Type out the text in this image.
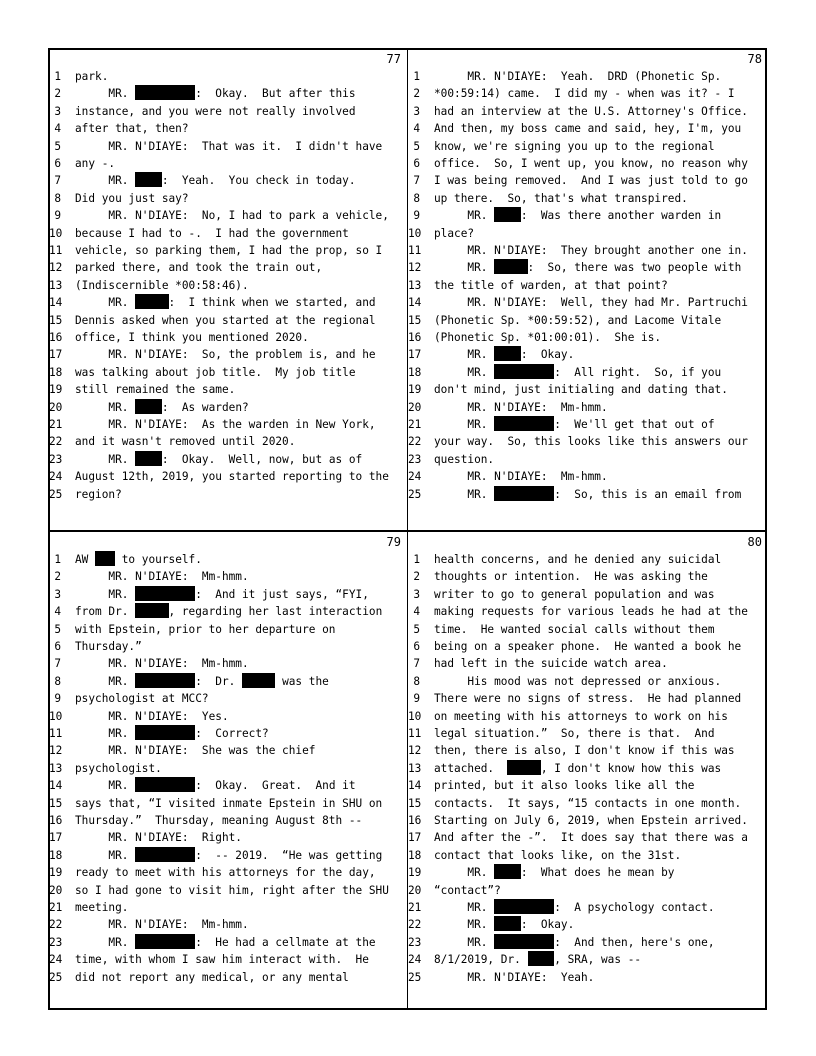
77
1 park.
2     MR.	:  Okay.  But after this
3 instance, and you were not really involved
4 after that, then?
5     MR. N'DIAYE:  That was it.  I didn't have
6 any -.
7     MR. :  Yeah.  You check in today.
8 Did you just say?
9     MR. N'DIAYE:  No, I had to park a vehicle,
10 because I had to -.  I had the government
11 vehicle, so parking them, I had the prop, so I
12 parked there, and took the train out,
13 (Indiscernible *00:58:46).
14     MR.	:  I think when we started, and
15 Dennis asked when you started at the regional
16 office, I think you mentioned 2020.
17     MR. N'DIAYE:  So, the problem is, and he
18 was talking about job title.  My job title
19 still remained the same.
20     MR. :  As warden?
21     MR. N'DIAYE:  As the warden in New York,
22 and it wasn't removed until 2020.
23     MR. :  Okay.  Well, now, but as of
24 August 12th, 2019, you started reporting to the
25 region?
78
1     MR. N'DIAYE:  Yeah.  DRD (Phonetic Sp.
2 *00:59:14) came.  I did my - when was it? - I
3 had an interview at the U.S. Attorney's Office.
4 And then, my boss came and said, hey, I'm, you
5 know, we're signing you up to the regional
6 office.  So, I went up, you know, no reason why
7 I was being removed.  And I was just told to go
8 up there.  So, that's what transpired.
9     MR. :  Was there another warden in
10 place?
11     MR. N'DIAYE:  They brought another one in.
12     MR.	:  So, there was two people with
13 the title of warden, at that point?
14     MR. N'DIAYE:  Well, they had Mr. Partruchi
15 (Phonetic Sp. *00:59:52), and Lacome Vitale
16 (Phonetic Sp. *01:00:01).  She is.
17     MR. :  Okay.
18     MR.	:  All right.  So, if you
19 don't mind, just initialing and dating that.
20     MR. N'DIAYE:  Mm-hmm.
21     MR.	:  We'll get that out of
22 your way.  So, this looks like this answers our
23 question.
24     MR. N'DIAYE:  Mm-hmm.
25     MR.	:  So, this is an email from
79
1 AW  to yourself.
2     MR. N'DIAYE:  Mm-hmm.
3     MR.	:  And it just says, “FYI,
4 from Dr.	, regarding her last interaction
5 with Epstein, prior to her departure on
6 Thursday.”
7     MR. N'DIAYE:  Mm-hmm.
8     MR.	:  Dr.	was the
9 psychologist at MCC?
10     MR. N'DIAYE:  Yes.
11     MR.	:  Correct?
12     MR. N'DIAYE:  She was the chief
13 psychologist.
14     MR.	:  Okay.  Great.  And it
15 says that, “I visited inmate Epstein in SHU on
16 Thursday.”  Thursday, meaning August 8th --
17     MR. N'DIAYE:  Right.
18     MR.	:  -- 2019.  “He was getting
19 ready to meet with his attorneys for the day,
20 so I had gone to visit him, right after the SHU
21 meeting.
22     MR. N'DIAYE:  Mm-hmm.
23     MR.	:  He had a cellmate at the
24 time, with whom I saw him interact with.  He
25 did not report any medical, or any mental
80
1 health concerns, and he denied any suicidal
2 thoughts or intention.  He was asking the
3 writer to go to general population and was
4 making requests for various leads he had at the
5 time.  He wanted social calls without them
6 being on a speaker phone.  He wanted a book he
7 had left in the suicide watch area.
8     His mood was not depressed or anxious.
9 There were no signs of stress.  He had planned
10 on meeting with his attorneys to work on his
11 legal situation.”  So, there is that.  And
12 then, there is also, I don't know if this was
13 attached.	, I don't know how this was
14 printed, but it also looks like all the
15 contacts.  It says, “15 contacts in one month.
16 Starting on July 6, 2019, when Epstein arrived.
17 And after the -”.  It does say that there was a
18 contact that looks like, on the 31st.
19     MR. :  What does he mean by
20 “contact”?
21     MR.	:  A psychology contact.
22     MR. :  Okay.
23     MR.	:  And then, here's one,
24 8/1/2019, Dr. , SRA, was --
25     MR. N'DIAYE:  Yeah.
